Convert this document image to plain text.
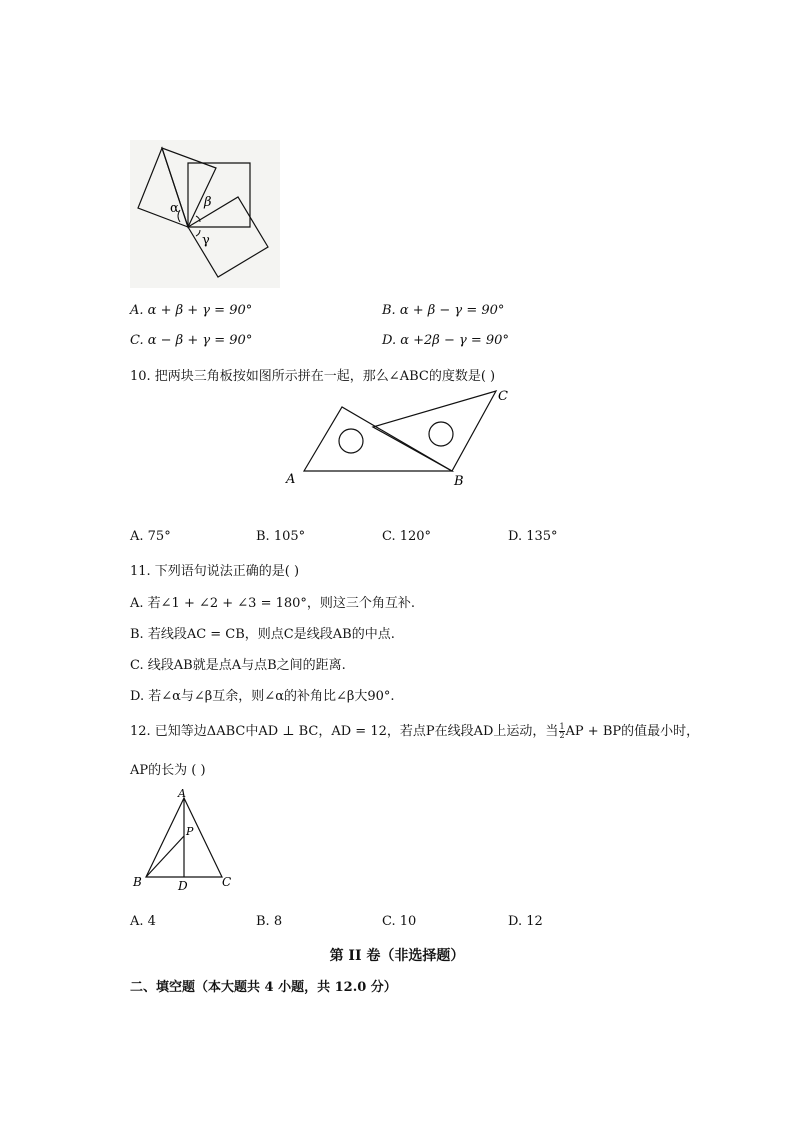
α β
γ
A. α + β + γ = 90°	B. α + β − γ = 90°
C. α − β + γ = 90°	D. α +2β − γ = 90°
10. 把两块三角板按如图所示拼在一起，那么∠ABC的度数是( )
A	B
C
A. 75°	B. 105°	C. 120°	D. 135°
11. 下列语句说法正确的是( )
A. 若∠1 + ∠2 + ∠3 = 180°，则这三个角互补.
B. 若线段AC = CB，则点C是线段AB的中点.
C. 线段AB就是点A与点B之间的距离.
D. 若∠α与∠β互余，则∠α的补角比∠β大90°.
12. 已知等边ΔABC中AD ⊥ BC，AD = 12，若点P在线段AD上运动，当 $\frac{1}{2}$ AP + BP的值最小时，
AP的长为 ( )
A
B	C
D
P
A. 4	B. 8	C. 10	D. 12
第 II 卷（非选择题）
二、填空题（本大题共 4 小题，共 12.0 分）
